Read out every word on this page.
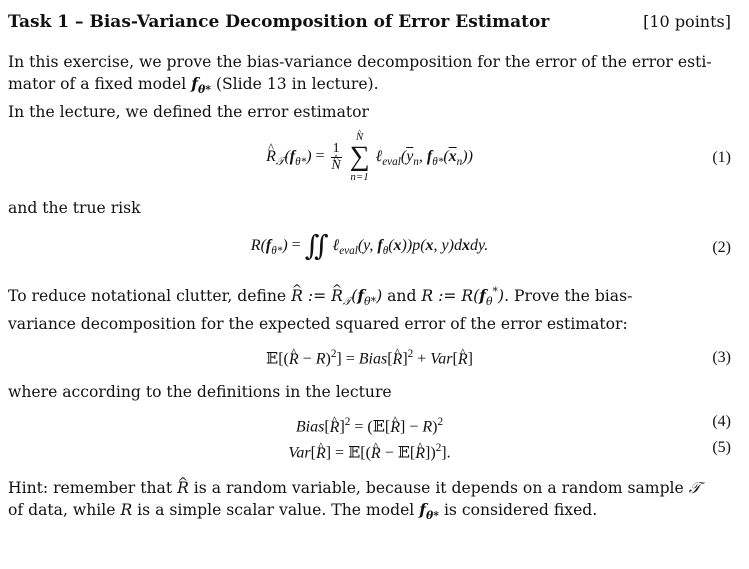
Task 1 – Bias-Variance Decomposition of Error Estimator	[10 points]

In this exercise, we prove the bias-variance decomposition for the error of the error esti-
mator of a fixed model $f_{\theta*}$ (Slide 13 in lecture).
In the lecture, we defined the error estimator

^ $R_𝒯(f_{\theta*}) = 1$
^ N

^ N
∑
n=1
$\ell_{eval}(\overline{y}_n$, $f_{\theta*}(\overline{x}_n)$)	(1)

and the true risk

$R(f_{\theta*})$ = ∬ ℓ$_{eval}$(y, $f_\theta(x))p(x$, y)dxdy.	(2)

To reduce notational clutter, define ^ R := ^ $R_𝒯(f_{\theta*})$ and R := $R(f_\theta^*)$. Prove the bias-
variance decomposition for the expected squared error of the error estimator:

𝔼[(^ R − R)$^2$] = Bias[^ R]$^2$ + Var[^ R]	(3)

where according to the definitions in the lecture

Bias[^ R]$^2$ = (𝔼[^ R] − R)$^2$	(4)
Var[^ R] = 𝔼[(^ R − 𝔼[^ R])$^2$].	(5)

Hint: remember that ^ R is a random variable, because it depends on a random sample 𝒯
of data, while R is a simple scalar value. The model $f_{\theta*}$ is considered fixed.
